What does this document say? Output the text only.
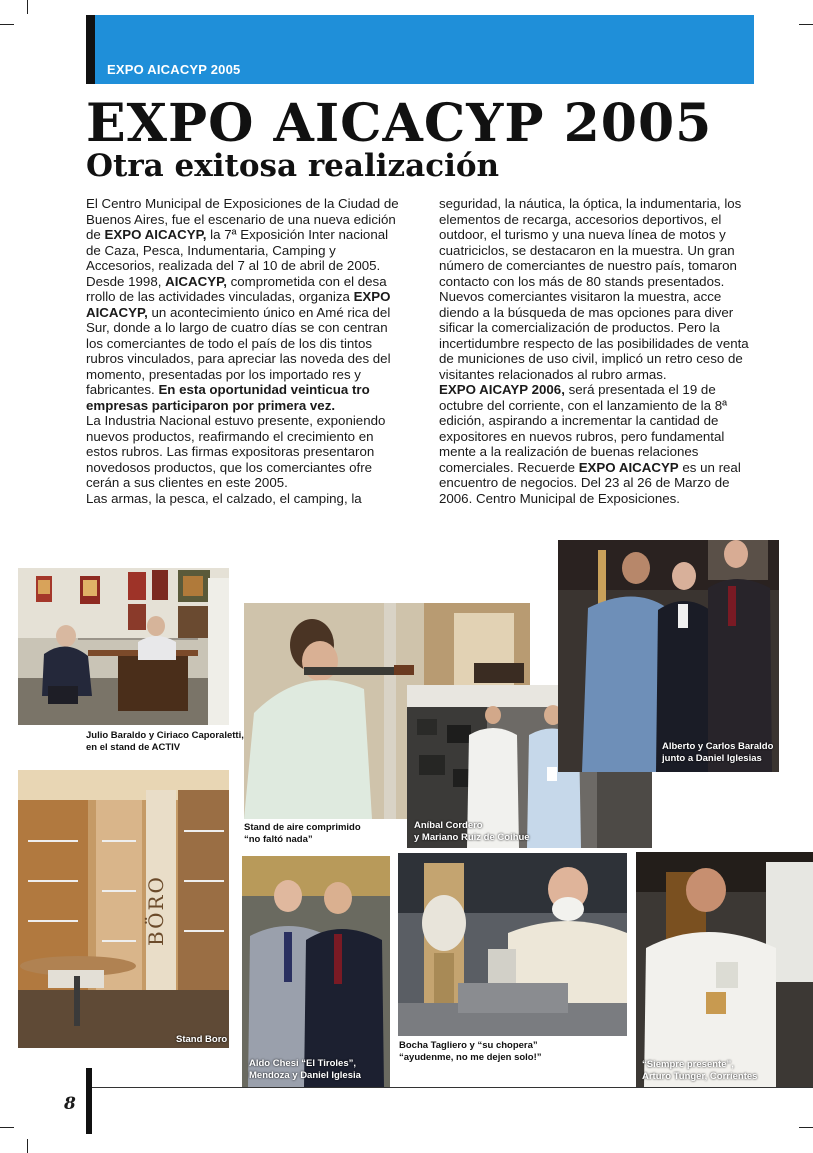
EXPO AICACYP 2005
EXPO AICACYP 2005
Otra exitosa realización

El Centro Municipal de Exposiciones de la Ciudad de Buenos Aires, fue el escenario de una nueva edición de EXPO AICACYP, la 7ª Exposición Inter nacional de Caza, Pesca, Indumentaria, Camping y Accesorios, realizada del 7 al 10 de abril de 2005.

Desde 1998, AICACYP, comprometida con el desa rrollo de las actividades vinculadas, organiza EXPO AICACYP, un acontecimiento único en Amé rica del Sur, donde a lo largo de cuatro días se con centran los comerciantes de todo el país de los dis tintos rubros vinculados, para apreciar las noveda des del momento, presentadas por los importado res y fabricantes. En esta oportunidad veinticua tro empresas participaron por primera vez.

La Industria Nacional estuvo presente, exponiendo nuevos productos, reafirmando el crecimiento en estos rubros. Las firmas expositoras presentaron novedosos productos, que los comerciantes ofre cerán a sus clientes en este 2005.

Las armas, la pesca, el calzado, el camping, la

seguridad, la náutica, la óptica, la indumentaria, los elementos de recarga, accesorios deportivos, el outdoor, el turismo y una nueva línea de motos y cuatriciclos, se destacaron en la muestra. Un gran número de comerciantes de nuestro país, tomaron contacto con los más de 80 stands presentados. Nuevos comerciantes visitaron la muestra, acce diendo a la búsqueda de mas opciones para diver sificar la comercialización de productos. Pero la incertidumbre respecto de las posibilidades de venta de municiones de uso civil, implicó un retro ceso de visitantes relacionados al rubro armas.

EXPO AICAYP 2006, será presentada el 19 de octubre del corriente, con el lanzamiento de la 8ª edición, aspirando a incrementar la cantidad de expositores en nuevos rubros, pero fundamental mente a la realización de buenas relaciones comerciales. Recuerde EXPO AICACYP es un real encuentro de negocios. Del 23 al 26 de Marzo de 2006. Centro Municipal de Exposiciones.

Julio Baraldo y Ciriaco Caporaletti,
en el stand de ACTIV
Stand de aire comprimido
“no faltó nada”
Aníbal Cordero
y Mariano Ruiz de Coihue
Alberto y Carlos Baraldo
junto a Daniel Iglesias
BÖRO
Stand Boro
Aldo Chesi “El Tiroles”,
Mendoza y Daniel Iglesia
Bocha Tagliero y “su chopera”
“ayudenme, no me dejen solo!”
“Siempre presente”,
Arturo Tunger, Corrientes
8
